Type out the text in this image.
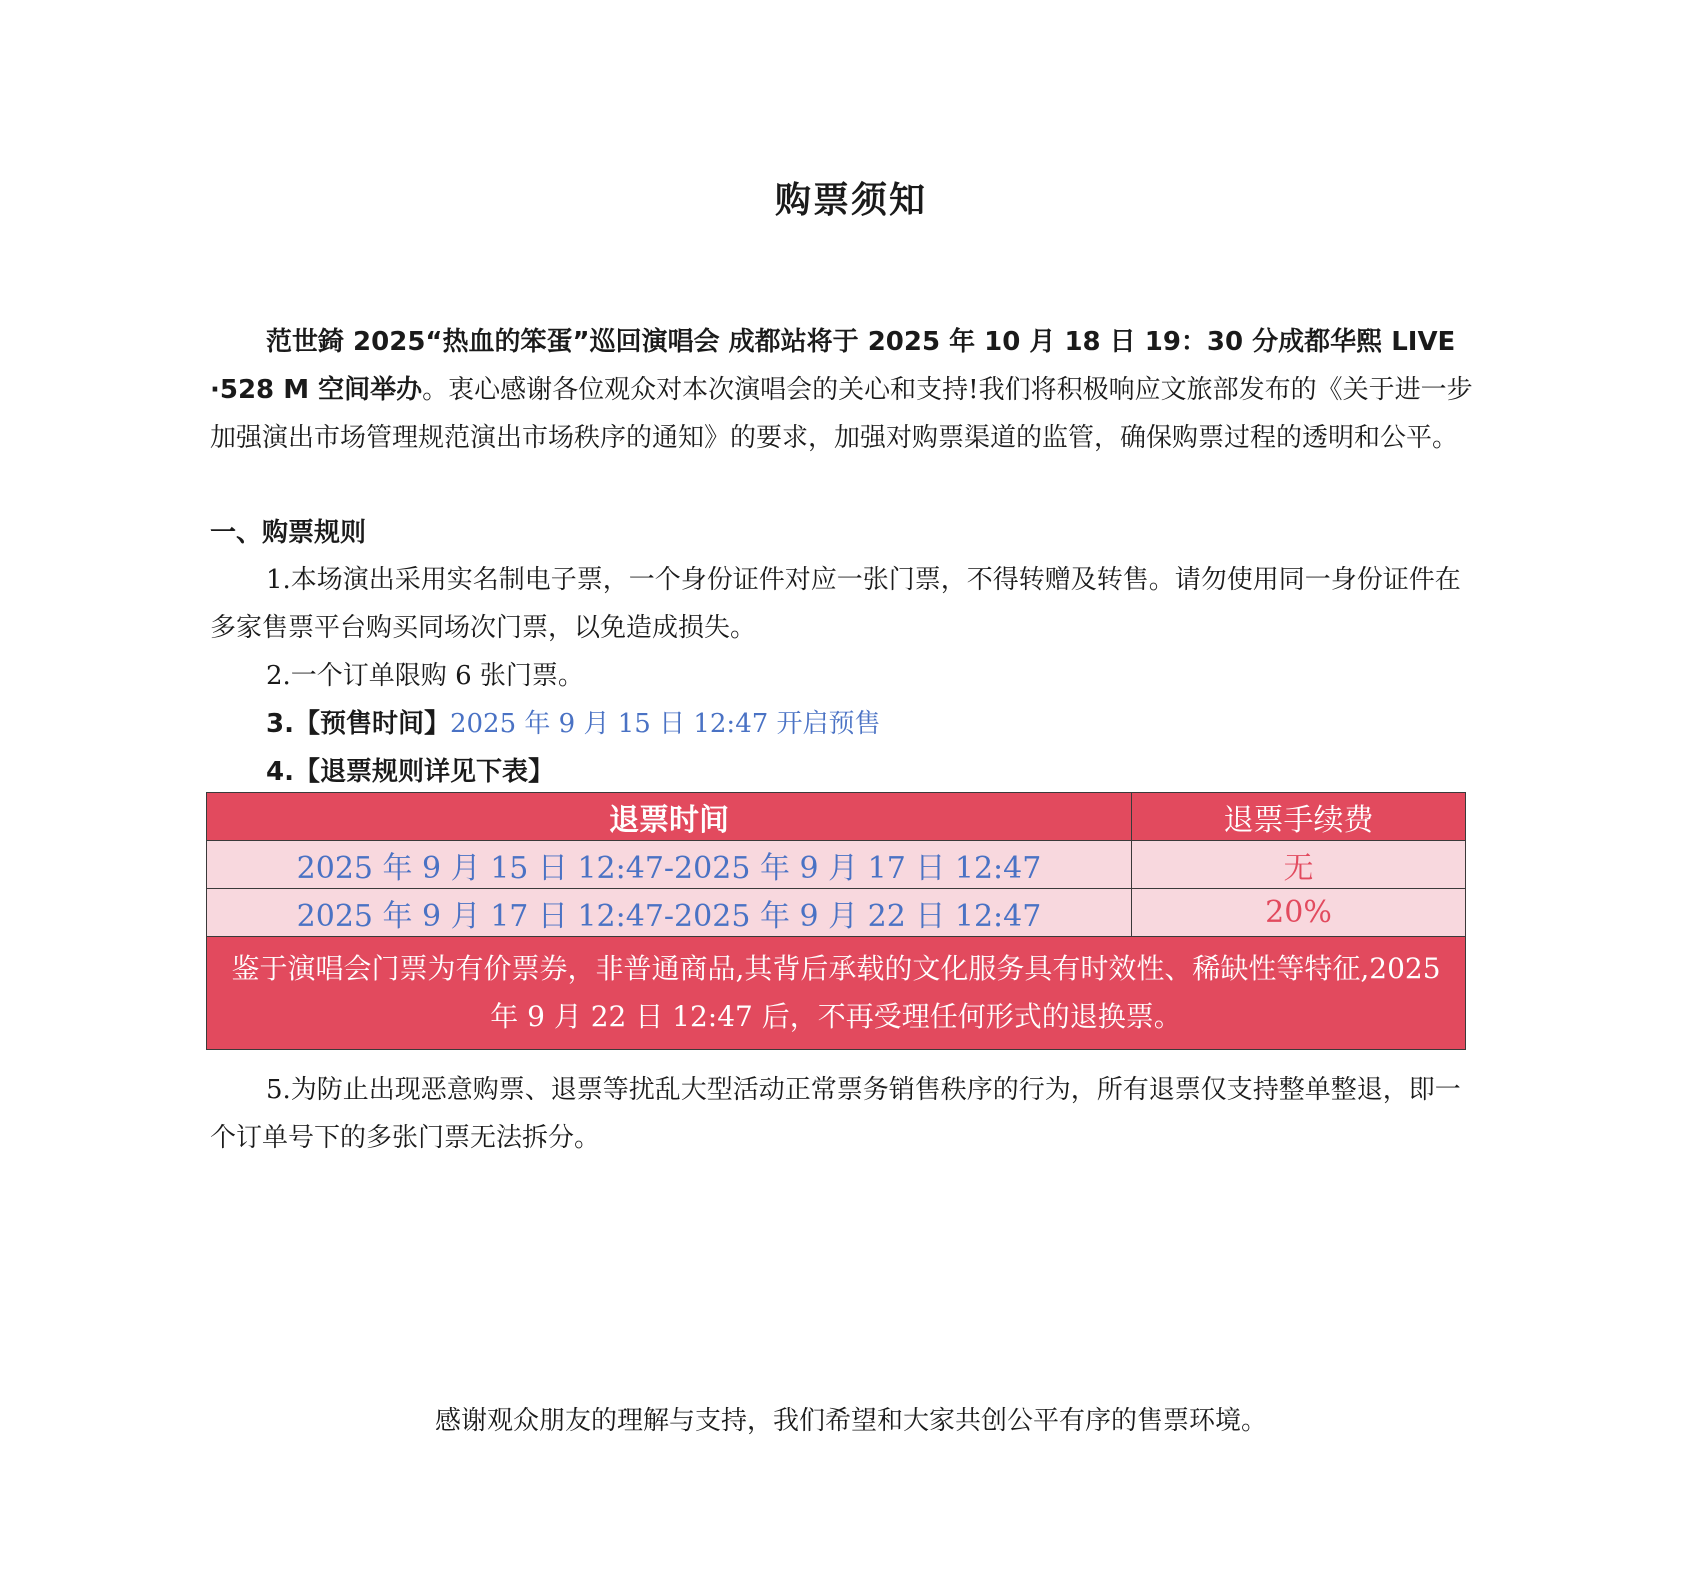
购票须知
范世錡 2025“热血的笨蛋”巡回演唱会 成都站将于 2025 年 10 月 18 日 19：30 分成都华熙 LIVE ·528 M 空间举办。衷心感谢各位观众对本次演唱会的关心和支持!我们将积极响应文旅部发布的《关于进一步加强演出市场管理规范演出市场秩序的通知》的要求，加强对购票渠道的监管，确保购票过程的透明和公平。
一、购票规则
1.本场演出采用实名制电子票，一个身份证件对应一张门票，不得转赠及转售。请勿使用同一身份证件在多家售票平台购买同场次门票，以免造成损失。
2.一个订单限购 6 张门票。
3.【预售时间】2025 年 9 月 15 日 12:47 开启预售
4.【退票规则详见下表】
退票时间	退票手续费
2025 年 9 月 15 日 12:47-2025 年 9 月 17 日 12:47	无
2025 年 9 月 17 日 12:47-2025 年 9 月 22 日 12:47	20%
鉴于演唱会门票为有价票券，非普通商品,其背后承载的文化服务具有时效性、稀缺性等特征,2025 年 9 月 22 日 12:47 后，不再受理任何形式的退换票。	
5.为防止出现恶意购票、退票等扰乱大型活动正常票务销售秩序的行为，所有退票仅支持整单整退，即一个订单号下的多张门票无法拆分。
感谢观众朋友的理解与支持，我们希望和大家共创公平有序的售票环境。
